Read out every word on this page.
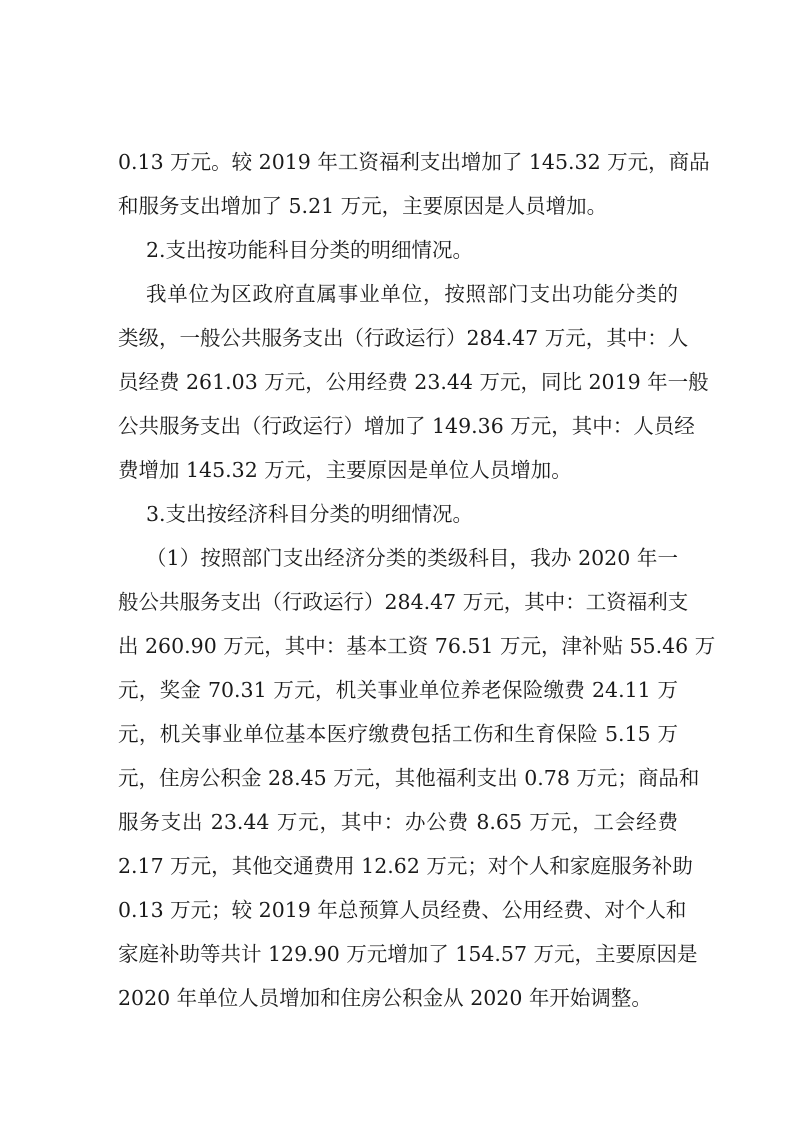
0.13 万元。较 2019 年工资福利支出增加了 145.32 万元，商品
和服务支出增加了 5.21 万元，主要原因是人员增加。
2.支出按功能科目分类的明细情况。
我单位为区政府直属事业单位，按照部门支出功能分类的
类级，一般公共服务支出（行政运行）284.47 万元，其中：人
员经费 261.03 万元，公用经费 23.44 万元，同比 2019 年一般
公共服务支出（行政运行）增加了 149.36 万元，其中：人员经
费增加 145.32 万元，主要原因是单位人员增加。
3.支出按经济科目分类的明细情况。
（1）按照部门支出经济分类的类级科目，我办 2020 年一
般公共服务支出（行政运行）284.47 万元，其中：工资福利支
出 260.90 万元，其中：基本工资 76.51 万元，津补贴 55.46 万
元，奖金 70.31 万元，机关事业单位养老保险缴费 24.11 万
元，机关事业单位基本医疗缴费包括工伤和生育保险 5.15 万
元，住房公积金 28.45 万元，其他福利支出 0.78 万元；商品和
服务支出 23.44 万元，其中：办公费 8.65 万元，工会经费
2.17 万元，其他交通费用 12.62 万元；对个人和家庭服务补助
0.13 万元；较 2019 年总预算人员经费、公用经费、对个人和
家庭补助等共计 129.90 万元增加了 154.57 万元，主要原因是
2020 年单位人员增加和住房公积金从 2020 年开始调整。
